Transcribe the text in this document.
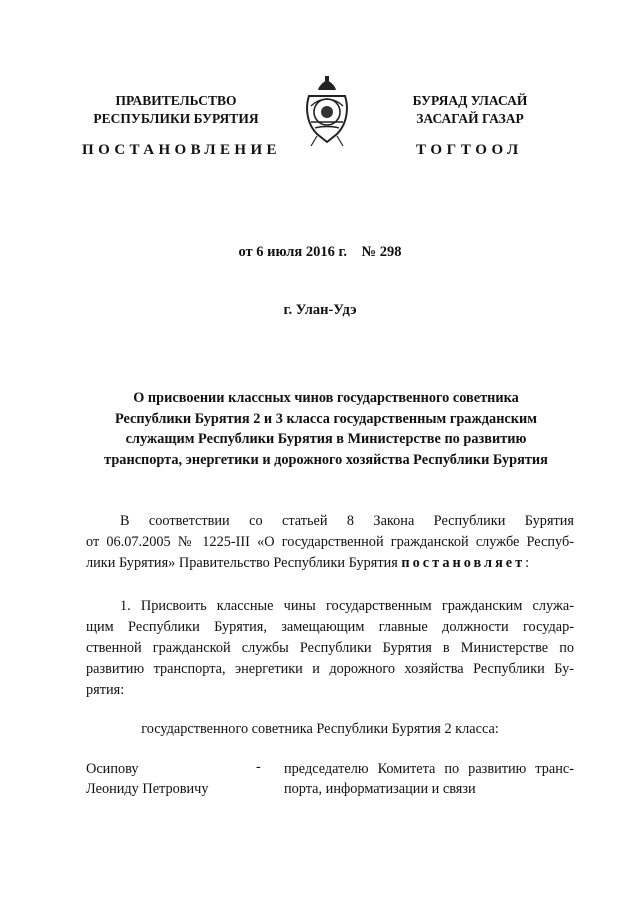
ПРАВИТЕЛЬСТВО
РЕСПУБЛИКИ БУРЯТИЯ
БУРЯАД УЛАСАЙ
ЗАСАГАЙ ГАЗАР
ПОСТАНОВЛЕНИЕ	ТОГТООЛ
от 6 июля 2016 г. № 298
г. Улан-Удэ
О присвоении классных чинов государственного советника
Республики Бурятия 2 и 3 класса государственным гражданским
служащим Республики Бурятия в Министерстве по развитию
транспорта, энергетики и дорожного хозяйства Республики Бурятия
В соответствии со статьей 8 Закона Республики Бурятия
от 06.07.2005 № 1225-III «О государственной гражданской службе Респуб-
лики Бурятия» Правительство Республики Бурятия постановляет:
1. Присвоить классные чины государственным гражданским служа-
щим Республики Бурятия, замещающим главные должности государ-
ственной гражданской службы Республики Бурятия в Министерстве по
развитию транспорта, энергетики и дорожного хозяйства Республики Бу-
рятия:
государственного советника Республики Бурятия 2 класса:
Осипову
Леониду Петровичу
- председателю Комитета по развитию транс-
порта, информатизации и связи
